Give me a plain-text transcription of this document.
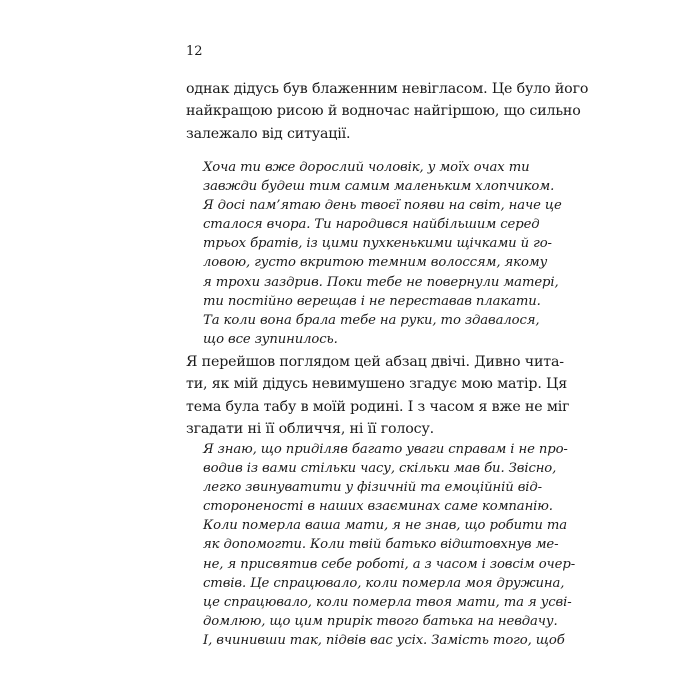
12
однак дідусь був блаженним невігласом. Це було його
найкращою рисою й водночас найгіршою, що сильно
залежало від ситуації.
Хоча ти вже дорослий чоловік, у моїх очах ти
завжди будеш тим самим маленьким хлопчиком.
Я досі пам’ятаю день твоєї появи на світ, наче це
сталося вчора. Ти народився найбільшим серед
трьох братів, із цими пухкенькими щічками й го-
ловою, густо вкритою темним волоссям, якому
я трохи заздрив. Поки тебе не повернули матері,
ти постійно верещав і не переставав плакати.
Та коли вона брала тебе на руки, то здавалося,
що все зупинилось.
Я перейшов поглядом цей абзац двічі. Дивно чита-
ти, як мій дідусь невимушено згадує мою матір. Ця
тема була табу в моїй родині. І з часом я вже не міг
згадати ні її обличчя, ні її голосу.
Я знаю, що приділяв багато уваги справам і не про-
водив із вами стільки часу, скільки мав би. Звісно,
легко звинуватити у фізичній та емоційній від-
стороненості в наших взаєминах саме компанію.
Коли померла ваша мати, я не знав, що робити та
як допомогти. Коли твій батько відштовхнув ме-
не, я присвятив себе роботі, а з часом і зовсім очер-
ствів. Це спрацювало, коли померла моя дружина,
це спрацювало, коли померла твоя мати, та я усві-
домлюю, що цим прирік твого батька на невдачу.
І, вчинивши так, підвів вас усіх. Замість того, щоб
